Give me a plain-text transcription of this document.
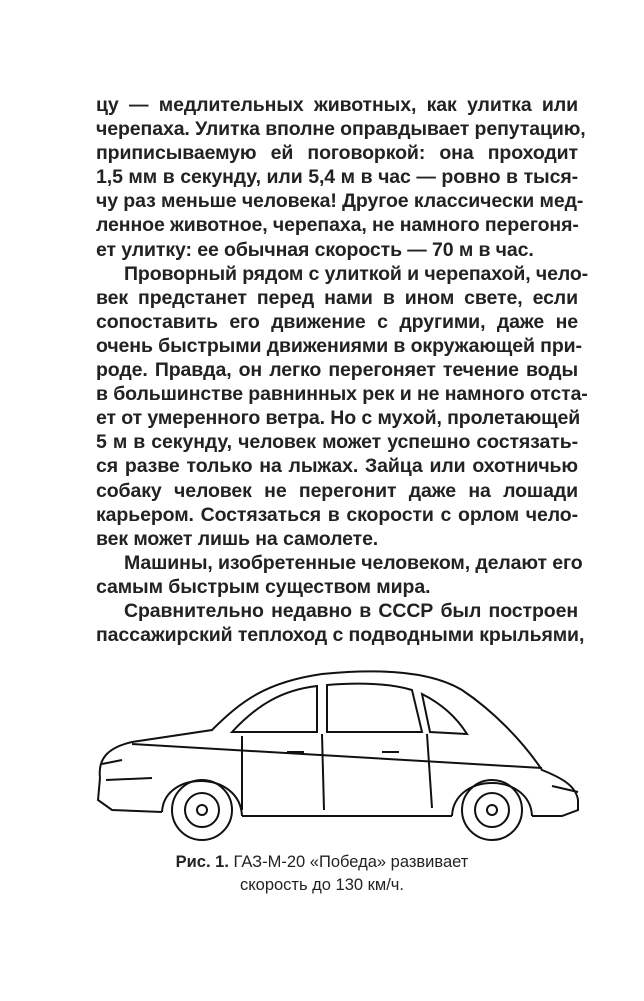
цу — медлительных животных, как улитка или
черепаха. Улитка вполне оправдывает репутацию,
приписываемую ей поговоркой: она проходит
1,5 мм в секунду, или 5,4 м в час — ровно в тыся-
чу раз меньше человека! Другое классически мед-
ленное животное, черепаха, не намного перегоня-
ет улитку: ее обычная скорость — 70 м в час.
Проворный рядом с улиткой и черепахой, чело-
век предстанет перед нами в ином свете, если
сопоставить его движение с другими, даже не
очень быстрыми движениями в окружающей при-
роде. Правда, он легко перегоняет течение воды
в большинстве равнинных рек и не намного отста-
ет от умеренного ветра. Но с мухой, пролетающей
5 м в секунду, человек может успешно состязать-
ся разве только на лыжах. Зайца или охотничью
собаку человек не перегонит даже на лошади
карьером. Состязаться в скорости с орлом чело-
век может лишь на самолете.
Машины, изобретенные человеком, делают его
самым быстрым существом мира.
Сравнительно недавно в СССР был построен
пассажирский теплоход с подводными крыльями,
Рис. 1. ГАЗ-М-20 «Победа» развивает
скорость до 130 км/ч.
